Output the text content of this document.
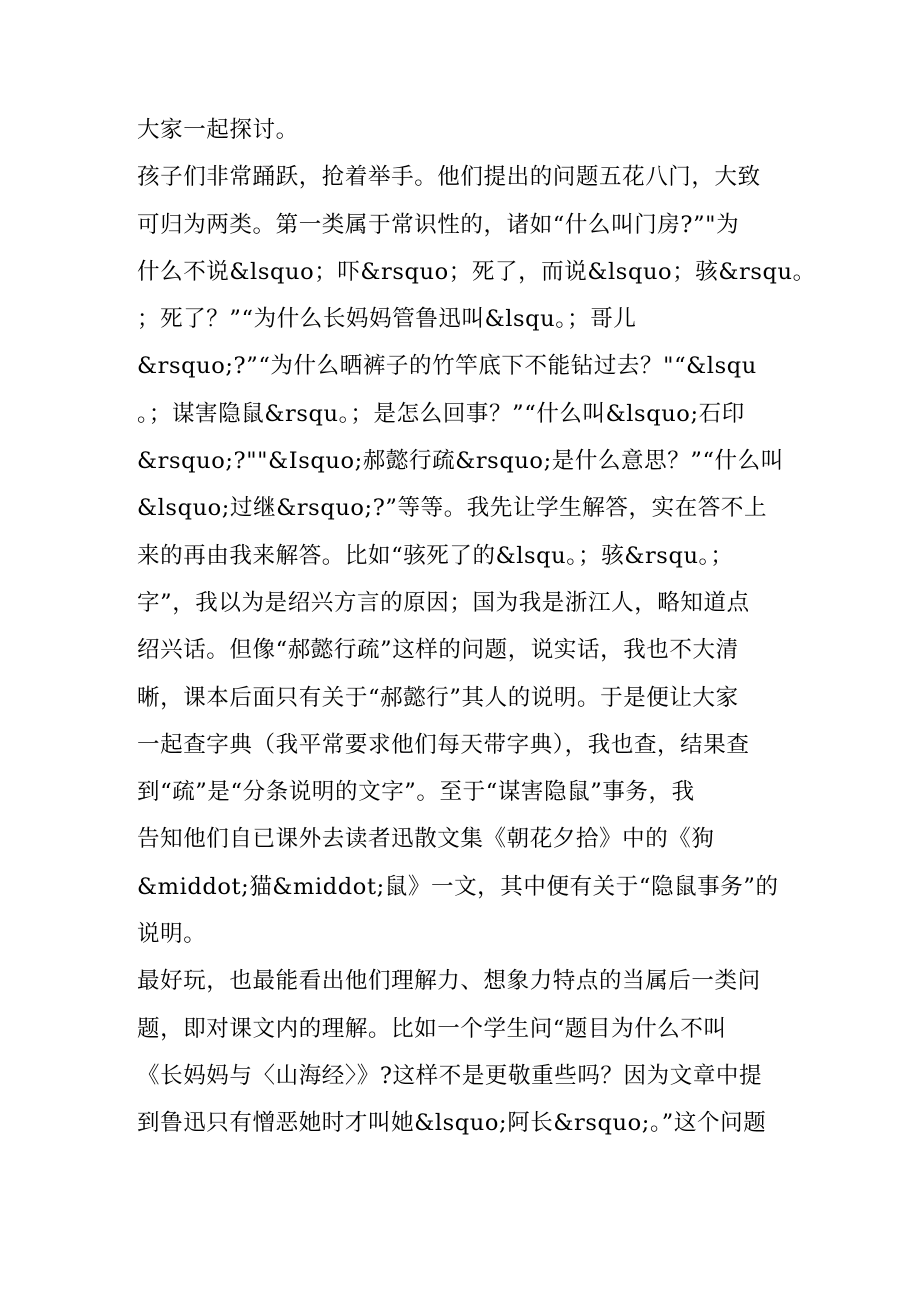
大家一起探讨。
孩子们非常踊跃，抢着举手。他们提出的问题五花八门，大致
可归为两类。第一类属于常识性的，诸如“什么叫门房?”"为
什么不说&lsquo；吓&rsquo；死了，而说&lsquo；骇&rsqu。
；死了？”“为什么长妈妈管鲁迅叫&lsqu。；哥儿
&rsquo;?”“为什么晒裤子的竹竿底下不能钻过去？"“&lsqu
。；谋害隐鼠&rsqu。；是怎么回事？”“什么叫&lsquo;石印
&rsquo;?""&Isquo;郝懿行疏&rsquo;是什么意思？”“什么叫
&lsquo;过继&rsquo;?”等等。我先让学生解答，实在答不上
来的再由我来解答。比如“骇死了的&lsqu。；骇&rsqu。；
字”，我以为是绍兴方言的原因；国为我是浙江人，略知道点
绍兴话。但像“郝懿行疏”这样的问题，说实话，我也不大清
晰，课本后面只有关于“郝懿行”其人的说明。于是便让大家
一起查字典（我平常要求他们每天带字典），我也查，结果查
到“疏”是“分条说明的文字”。至于“谋害隐鼠”事务，我
告知他们自已课外去读者迅散文集《朝花夕拾》中的《狗
&middot;猫&middot;鼠》一文，其中便有关于“隐鼠事务”的
说明。
最好玩，也最能看出他们理解力、想象力特点的当属后一类问
题，即对课文内的理解。比如一个学生问“题目为什么不叫
《长妈妈与〈山海经〉》?这样不是更敬重些吗？因为文章中提
到鲁迅只有憎恶她时才叫她&lsquo;阿长&rsquo;。”这个问题
